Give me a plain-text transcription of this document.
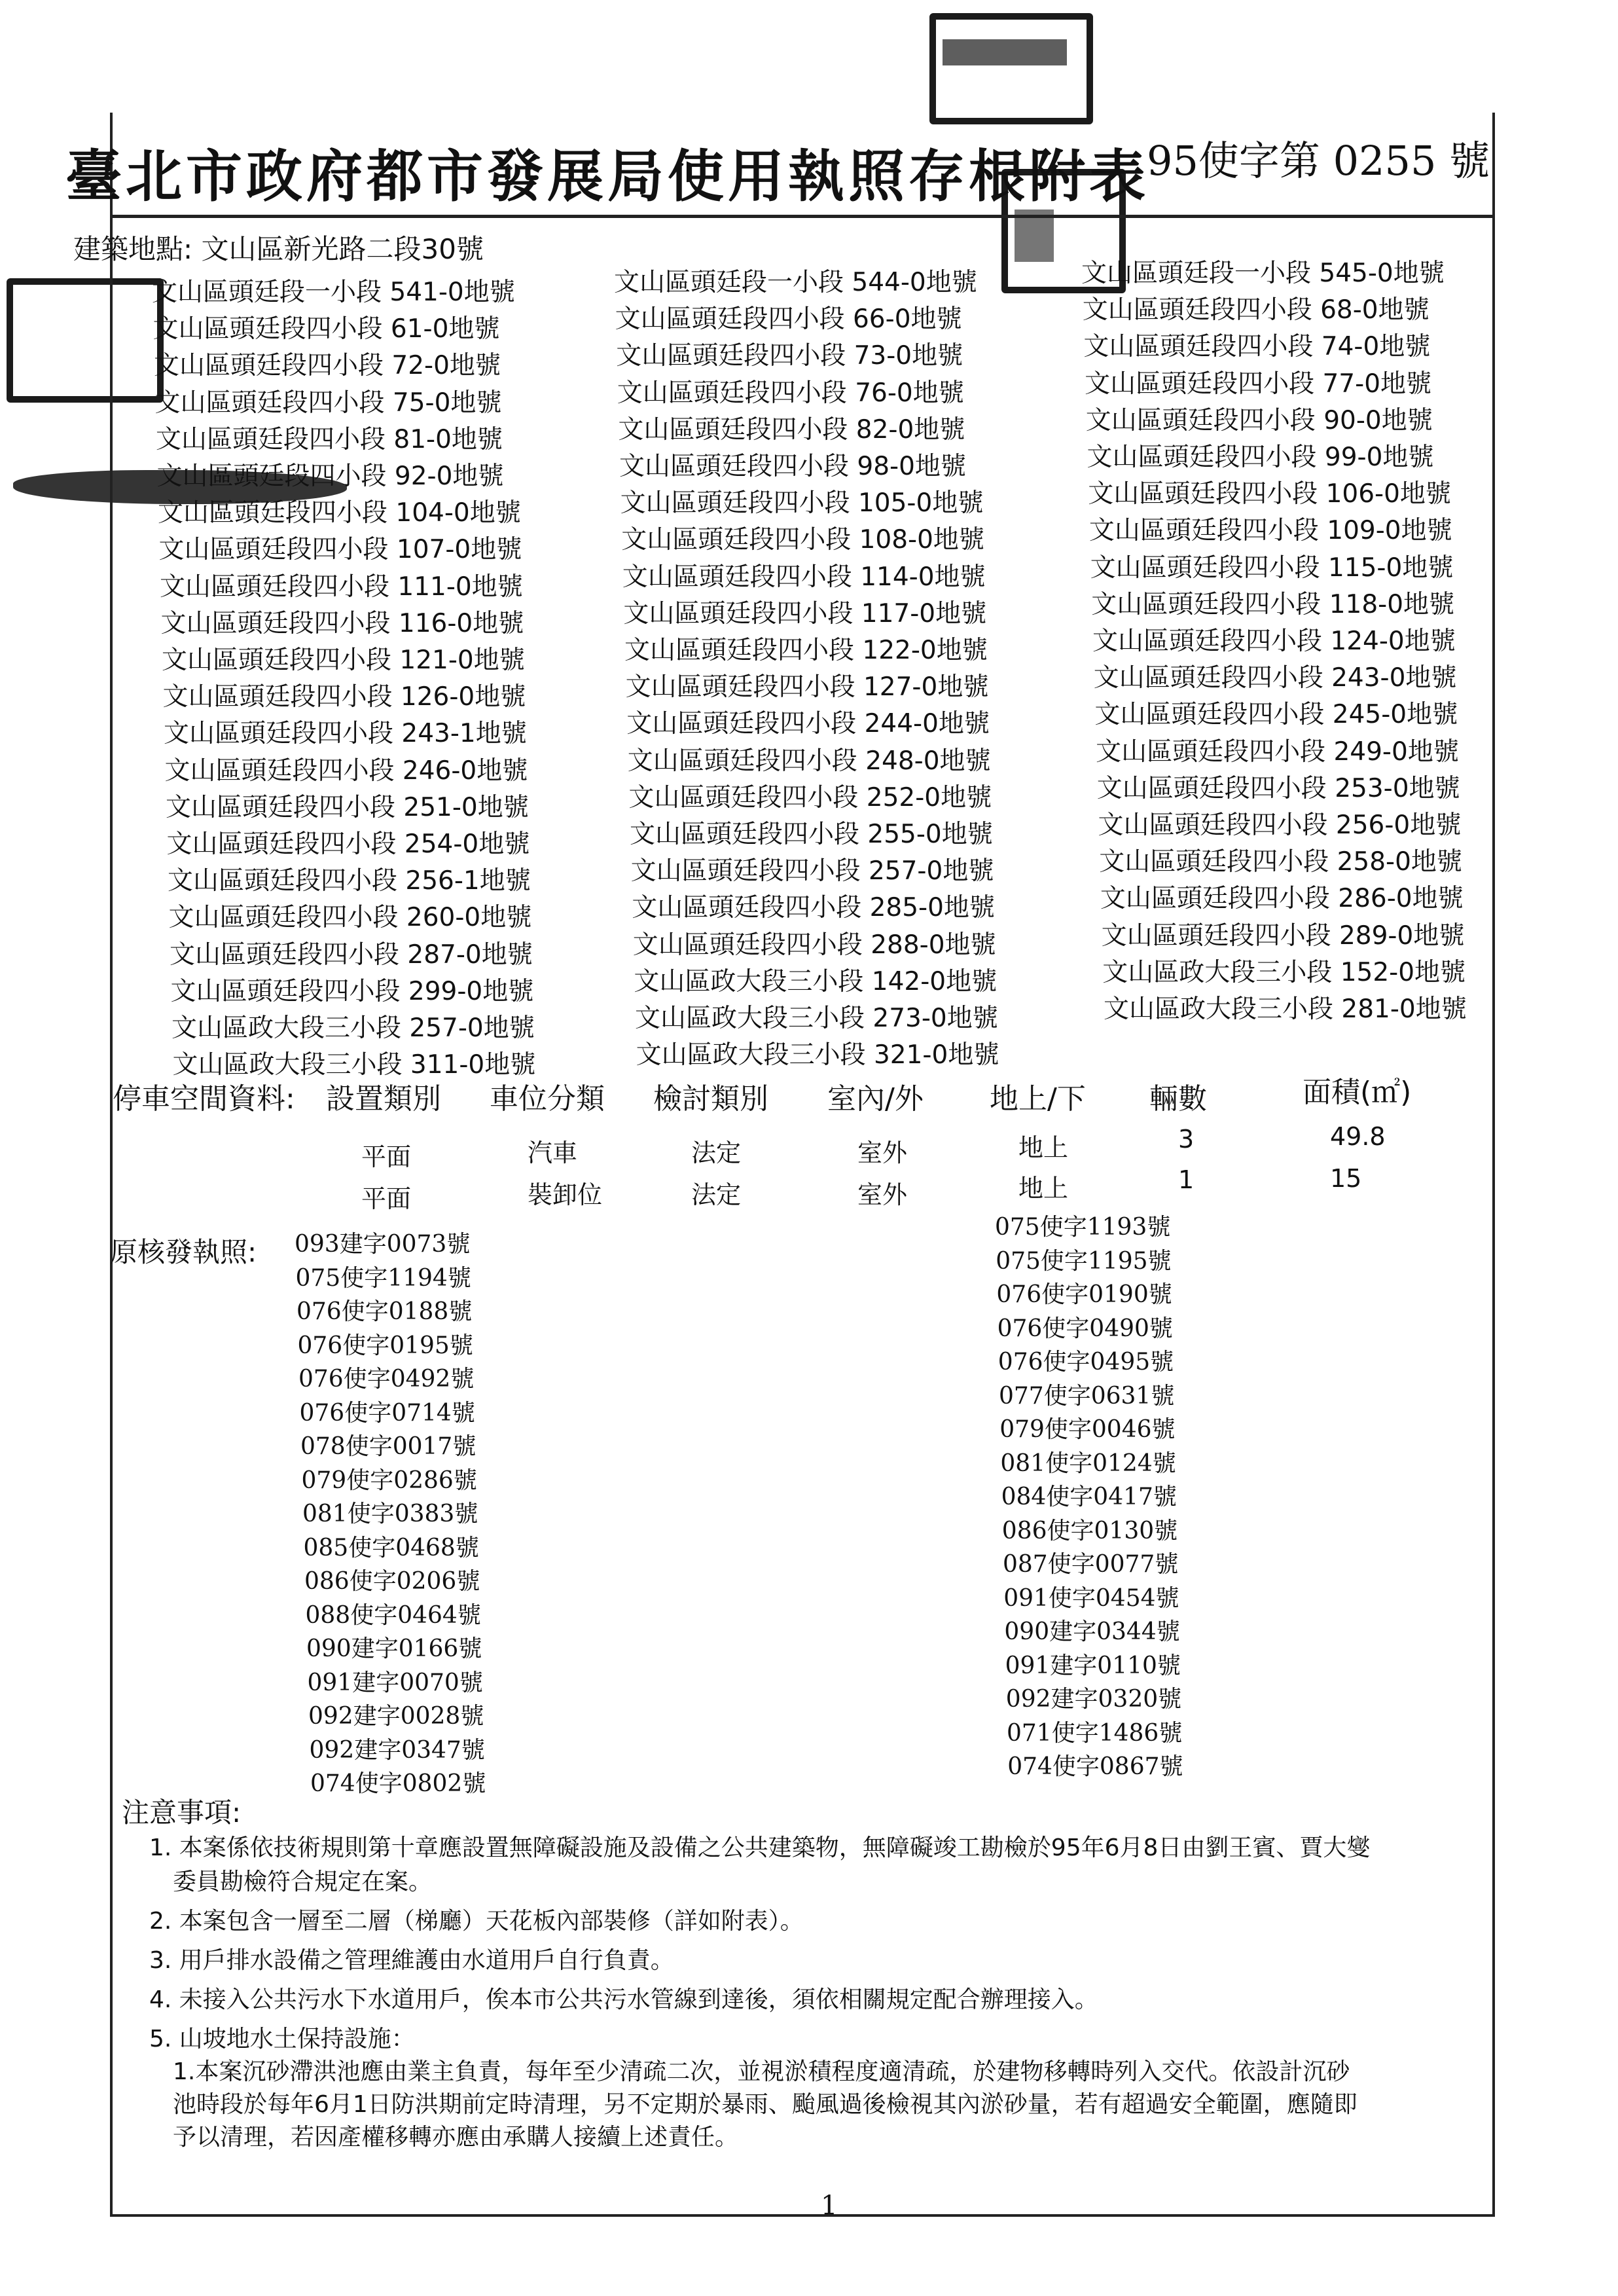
臺北市政府都市發展局使用執照存根附表
95使字第 0255 號
建築地點: 文山區新光路二段30號
文山區頭廷段一小段 541-0地號
文山區頭廷段四小段 61-0地號
文山區頭廷段四小段 72-0地號
文山區頭廷段四小段 75-0地號
文山區頭廷段四小段 81-0地號
文山區頭廷段四小段 92-0地號
文山區頭廷段四小段 104-0地號
文山區頭廷段四小段 107-0地號
文山區頭廷段四小段 111-0地號
文山區頭廷段四小段 116-0地號
文山區頭廷段四小段 121-0地號
文山區頭廷段四小段 126-0地號
文山區頭廷段四小段 243-1地號
文山區頭廷段四小段 246-0地號
文山區頭廷段四小段 251-0地號
文山區頭廷段四小段 254-0地號
文山區頭廷段四小段 256-1地號
文山區頭廷段四小段 260-0地號
文山區頭廷段四小段 287-0地號
文山區頭廷段四小段 299-0地號
文山區政大段三小段 257-0地號
文山區政大段三小段 311-0地號
文山區頭廷段一小段 544-0地號
文山區頭廷段四小段 66-0地號
文山區頭廷段四小段 73-0地號
文山區頭廷段四小段 76-0地號
文山區頭廷段四小段 82-0地號
文山區頭廷段四小段 98-0地號
文山區頭廷段四小段 105-0地號
文山區頭廷段四小段 108-0地號
文山區頭廷段四小段 114-0地號
文山區頭廷段四小段 117-0地號
文山區頭廷段四小段 122-0地號
文山區頭廷段四小段 127-0地號
文山區頭廷段四小段 244-0地號
文山區頭廷段四小段 248-0地號
文山區頭廷段四小段 252-0地號
文山區頭廷段四小段 255-0地號
文山區頭廷段四小段 257-0地號
文山區頭廷段四小段 285-0地號
文山區頭廷段四小段 288-0地號
文山區政大段三小段 142-0地號
文山區政大段三小段 273-0地號
文山區政大段三小段 321-0地號
文山區頭廷段一小段 545-0地號
文山區頭廷段四小段 68-0地號
文山區頭廷段四小段 74-0地號
文山區頭廷段四小段 77-0地號
文山區頭廷段四小段 90-0地號
文山區頭廷段四小段 99-0地號
文山區頭廷段四小段 106-0地號
文山區頭廷段四小段 109-0地號
文山區頭廷段四小段 115-0地號
文山區頭廷段四小段 118-0地號
文山區頭廷段四小段 124-0地號
文山區頭廷段四小段 243-0地號
文山區頭廷段四小段 245-0地號
文山區頭廷段四小段 249-0地號
文山區頭廷段四小段 253-0地號
文山區頭廷段四小段 256-0地號
文山區頭廷段四小段 258-0地號
文山區頭廷段四小段 286-0地號
文山區頭廷段四小段 289-0地號
文山區政大段三小段 152-0地號
文山區政大段三小段 281-0地號
停車空間資料: 設置類別 車位分類 檢討類別 室內/外 地上/下 輛數	面積(㎡)
平面	汽車	法定	室外	地上	3	49.8
平面	裝卸位	法定	室外	地上	1	15
原核發執照: 093建字0073號
075使字1194號
076使字0188號
076使字0195號
076使字0492號
076使字0714號
078使字0017號
079使字0286號
081使字0383號
085使字0468號
086使字0206號
088使字0464號
090建字0166號
091建字0070號
092建字0028號
092建字0347號
074使字0802號
075使字1193號
075使字1195號
076使字0190號
076使字0490號
076使字0495號
077使字0631號
079使字0046號
081使字0124號
084使字0417號
086使字0130號
087使字0077號
091使字0454號
090建字0344號
091建字0110號
092建字0320號
071使字1486號
074使字0867號
注意事項:
1. 本案係依技術規則第十章應設置無障礙設施及設備之公共建築物，無障礙竣工勘檢於95年6月8日由劉王賓、賈大燮
委員勘檢符合規定在案。
2. 本案包含一層至二層（梯廳）天花板內部裝修（詳如附表）。
3. 用戶排水設備之管理維護由水道用戶自行負責。
4. 未接入公共污水下水道用戶，俟本市公共污水管線到達後，須依相關規定配合辦理接入。
5. 山坡地水土保持設施：
1.本案沉砂滯洪池應由業主負責，每年至少清疏二次，並視淤積程度適清疏，於建物移轉時列入交代。依設計沉砂
池時段於每年6月1日防洪期前定時清理，另不定期於暴雨、颱風過後檢視其內淤砂量，若有超過安全範圍，應隨即
予以清理，若因產權移轉亦應由承購人接續上述責任。
1
